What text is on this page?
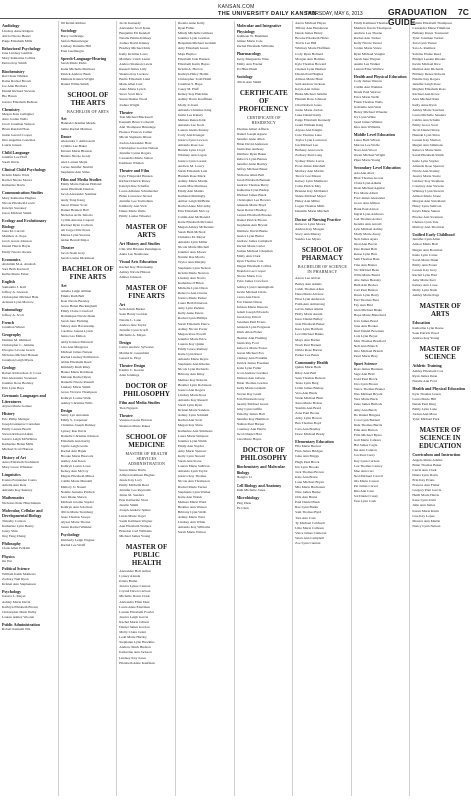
KANSAN.COM
THE UNIVERSITY DAILY KANSAN
THURSDAY, MAY 6, 2013	GRADUATION GUIDE
7C
Audiology
Lindsay Anne Ridgers
Alicia Nicole Hester
Paige Elizabeth Mills
Behavioral Psychology
Jane Lindsey Gamble
Mary Katharine Collins
Debra Kay Smith
Biochemistry
Ravi Kaur Dhillon
Raina Rachel Brown
Joe Alan Brothers
Daniel Richard Stevens
Bio Hasan
Jessica Elizabeth Belleau
Chemistry
Megan Kate Gallagher
Alex Jordan Wells
Jacob Jonathan Watson
Brian Randall Hoss
Justin Gerard Cooper
Ilira Angelina Gonzales
Laurie Jensen
Child Language
Jennifer Lee Hoff
Sarah Davis
Clinical Child Psychology
Kristin Marie Wick
Rachel Nicole Moore
Katherine Davis
Communication Studies
Mary Katherine Hughes
Nicole Elizabeth Lewis
Katelyn Sweaney
Jason Michael Smith
Ecology and Evolutionary Biology
Gina M. Carroll
Matthew A. Pope
Jacob Aaron Johnson
Daniel Harris Boyle
Emily Nicole Owens
Economics
Abdullah M.A. Alsabah
Sara Beth Kartwell
Kellie Marie Faber
English
Samantha J. Kail
Jeffrey A. Gleason
Christopher Michael Hale
Arianna Lynn Morrow
Entomology
Jeffrey A. Scott
French
Jonathan Winter
Geography
Damien M. Olmsted
Christopher C. Jenkins
Dwayne Lavone Green
Nicholas Michael Hansen
Jonathan Leigh Myers
Geology
Robert Richardson Jr. Cross
Dan Alexander Sorensen
Jennifer Rose Beckley
Erin Lynn Bays
Germanic Languages and Literatures
Alyssa Marie Gomez
History
Eric Philip Metzger
Joseph Gutierrez Carnahan
Emily Lauren Bosch
Steven Richard Aubin
Jessica Leigh McWhirter
Katherine Helen Mills
Michael Scott Hanson
History of Art
Anna Elizabeth Stadtlandt
Mary Grace Whitaker
Linguistics
Ivanna Fernandez Castro
Amelia Ann Reis
Amanda Kay Kenney
Mathematics
Nicholas Peter Hirschmann
Molecular, Cellular and Developmental Biology
Timothy Carlson
Katherine Lynn Beatty
Jenny Shin
Jing Yang Zhang
Philosophy
Clark Allen Fellrath
Physics
Jin Wu
Political Science
William Keith Mathews
Zachary Neil Ryan
Kristen Ann Stephenson
Psychology
Jessica L. Meyer
Ashley Marie Davis
Kathryn Elizabeth Brown
Christopher Mark Dalby
Lauren Ashley Wooten
Public Administration
Robert Kenneth Nix
Jill Keitel-Richter
Sociology
Barry Guthridge
Stefan Henneberger
Lindsay Danielle Hill
Eren Gezimoglu
Speech-Language-Hearing
Sarah Marie Parks
Katie Michelle Martinez
Patrick Andrew Bean
Melinda Kristen Wright
Daniel Willie Smith
SCHOOL OF THE ARTS
BACHELOR OF ARTS
Art
Hannah Christine Meade
Jamie Rachel Marinos
Dance
Alexandra J. Ambrosetti
Cynthia Lee Baker
Kirsten Marie Blanton
Brenna Nicole Grady
Alex Lauren Mejia
Cerise Jennifer Nesbitt
Stephanie Ann Stiles
Film and Media Studies
Emily Maria Nelson Holland
Anna Elizabeth Denton
Jacob Alexander Sommer
Andy Tong Kang
Stuart Winter Scott
Daniel Bennett Hall
Nicholas Avila Tenorio
Cyrille Antoine Caspari
Rachael Ryan Cochran
Ali Jorge Ortiz Perez
Marisa Lynn Stevens
Aidan Berndt Major
Theatre
Jacob Noah Gray
Sarah Louise Dickinson
BACHELOR OF FINE ARTS
Art
Amelia Leigh Altman
Emma Ruth Bell
Kate Nicole Beasley
Grace Helen Buckingham
Emily Claire Crawford
Dominique Nicole Dunn
Sarah Jane Fleming
Sidney Ann Haverkamp
Caroline Joanna Lynch
Jenna Lea Mahon
Abby Kristen Maxwell
Lisa Ann Musgrave
Michael James Nelson
Rachel Lindsey Pemberton
Abbie Elizabeth Reed
Kimberly Ruth Riley
Hanna Marie Robinson
Melanie Rachel Ryan
Danielle Nicole Russell
Lindsey Marie Smith
Grace Victoria Thompson
Kathryn Louise Walk
Ashley Christine Wills
Design
Jenny Lyn Antoniak
Emily S. Carpenter
Christina Joseph Dabney
Lynsey Rae Davis
Danielle Christine Johnson
Elizabeth Ann Kerby
Jayme Leigh Grabs
Rachel Ann Hajek
Brooke Marie Heacock
Ashley Ann Keen
Kathryn Leann Lowe
Kelsey Ann McCoy
Megan Elizabeth Mikos
Caitlin Marie Mundell
Mallory Jo Nauert
Natalie Jeanette Prichett
Sara Diane Shawn
Michael Jerome Snyder
Kathryn Ann Solomon
Olivia Marie Sternberg
Jesse Thomas Stoops
Alyssa Marie Thorne
Susan Rachel Winkler
Psychology
Kimberly Leigh Wagner
Rachel Lee Wolff
Jacob Kennedy
Alexander Scott Kane
Benjamin Eli Kendall
Natalie Emma Kimsey
Joshua David Kinney
Bradley Michael Kirk
Kelly Kristine Laws
Matthew Caleb Lester
Andrea Shannon Lewis
Russell James Lilly
Shauna Kay Luckow
Bertie Elizabeth Lund
Mark Allen Lutz
Anne Marie Lynch
Steve Scott Rice
Susan Denise Wood
Joshua Wright
Theatre
Tate Michael Blackwell
Kenneth Brian Cockerill
Ann Thompson Brundage
Eleanor Frances Cullen
Micah Stephens Dixon
Jordan Alexander Hotz
Christopher Gordon Nelson
Jennifer Lynne Rogers
Cassandra Marie Sutton
Kathleen Whalen
Theatre and Film
Kyle Fitzgerald Hansen
Richard Derick Pettey
Katelyn Rae Schaffer
Laura Amanda Schumacher
Brian Lawrence Stroud
Jennifer Lee Tormohlen
Kimberly Ann Vick
Diane Marie Wells
Emily Louise Wheeler
MASTER OF ARTS
Art History and Studies
Chit-Wai Brianna Pennington
Anna Lee Neathouse
Visual Arts Education
Rachel Kay Haverkamp
Ashley Nicole Hixson
Amber Johnson
MASTER OF FINE ARTS
Art
Seth Adam Barker
Sean Henry Gordon
Natalie L. Lane
Andrea Jane Taylor
Jennifer Lynn Scarff
Michelle A. Mayer
Design
Carter Andrew Sylvester
Martha R. Greenblatt
Gerard G. Hoyt
Theatre Design
Kaitlin C. Kearns
Alan Jennings
DOCTOR OF PHILOSOPHY
Film and Media Studies
Tien Nguyen
Theatre
Vanessa Luane Holston
Shannon Marie Rakes
SCHOOL OF MEDICINE
MASTER OF HEALTH SERVICES ADMINISTRATION
Susan Marie Davis
Allison Kathleen Hughes
Jessie Kay Lacy
Emily Michelle Reid
Jennifer Lee Reynolds
Jenna M. Sanders
Erin Katherine Sloat
Janelle Smith
Joseph Andrew Spiker
Linda Marie Vogel
Sarah Kathleen Wagner
Ann Elizabeth Wallace
Brandon Carl Williams
Michael James Young
MASTER OF PUBLIC HEALTH
Alexander Holt Arthur
Lynsey Alanda
Krista Butler
Jessica Lynne Cannon
Crystal Dawn Carlson
Michelle Dawn Clark
Alexandra Ellen Diaz
Laura Anne Eiserman
Lauren Elizabeth Fowler
Jessica Leigh Garcia
Rachel Marie Gibson
Daniel James Gordon
Molly Claire Grant
Leah Marie Hartley
Stephanie Lynn Hawkins
Andrew Mark Hudson
Katherine Ann Jackson
Lindsey Kay Jones
Elizabeth Anne Kaufman
Ifeoma Anne Kelly
Ryan Fuller
Mindy Michelle Gilmore
Jennifer Lynn Gorman
Benjamin Michael Graham
Amy Elizabeth Green
Maja Hajiloo
Elizabeth Jade Hansen
Elizabeth Karin Hayes
Kristin A. Herron
Kathryn Haley Hollin
Christopher Todd Holm
Jonathan S. Hope
Casey M. Huff
Kelsey Kay Hutchins
Ashley Dawn Kauffman
Molly Jo Kern
Amanda Christine King
Justin Lee Kinsey
Melissa Renee Kirk
Amanda Lee Koch
Lauren Alexis Krasny
Carly Ann Krueger
Jessica Lynn Lawson
Amanda Rose Lee
Brenda Lynn Lloyd
Whitney Ann Logan
Jessica Lynn Lorenz
Andrew M. Lowry
Sarah Elizabeth Lutz
Hannah Rose Mack
Ashley Marie Martin
Leslie Mae Martinez
Emily Ann Mathis
Kathleen Mattingly
Amber Leigh McBride
Rachel Anne McCarthy
Erin Elizabeth McCoy
Caitlin Ann McDonald
Katie Elizabeth McGuire
Megan Ashley McKenzie
Sarah Beth McNeal
Christina M. Meyer
Amanda Lynn Miller
Nicole Marie Mitchell
Jennifer Ann Moore
Natalie Rae Morris
Taylor Ann Murphy
Stephanie Lynn Nelson
Kristin Marie Newton
Lindsay Ann Norris
Katherine O'Brien
Michelle Lynn Olson
Rebecca Ann Owens
Jessica Marie Parker
Laura Beth Patterson
Amy Lynn Perkins
Kelly Anne Peters
Rachel Lynn Phillips
Sarah Elizabeth Pierce
Ashley Nicole Porter
Megan Rose Powell
Jennifer Marie Price
Lauren Kay Quinn
Emily Grace Ramsey
Katie Lynn Reed
Amanda Marie Reyes
Stephanie Ann Rhodes
Nicole Lynn Richards
Brittany Ann Riley
Melissa Kay Roberts
Heather Lynn Robinson
Jessica Ann Rogers
Lindsey Marie Ross
Amanda Kay Russell
Sarah Lynn Ryan
Kristen Marie Sanders
Ashley Lynn Schmidt
Rachel Ann Scott
Megan Kay Shaw
Katherine Ann Simmons
Laura Marie Simpson
Jennifer Lynn Smith
Emily Ann Snyder
Amy Marie Spencer
Kelly Lynn Stewart
Sarah Ann Stone
Lauren Marie Sullivan
Amanda Lynn Taylor
Jessica Kay Thomas
Nicole Ann Thompson
Rachel Marie Turner
Stephanie Lynn Walker
Katie Ann Walsh
Melissa Marie Ward
Heather Ann Watson
Brittany Lynn Webb
Ashley Marie West
Lindsey Ann White
Amanda Kay Williams
Sarah Marie Wilson
Molecular and Integrative Physiology
Kathleen W. Bushman
Aimee Marie Cole
Rachel Elizabeth Williams
Pharmacology
Kerry Marguerite Wise
Emily Ann Frazier
Tri Hieu Pham
Sociology
Olivia Ann Smith
CERTIFICATE OF PROFICIENCY
CERTIFICATE OF RESIDENCY
Thomas Albert Affleck
Daniel Joseph Agnew
Jennifer Anne Allen
Brian David Anderson
Justin Rae Anthony
Matthew Ryan Baker
Rebecca Lynn Barnes
Jennifer Anne Bartley
Jeffrey Michael Bauer
Nicholas Allen Bell
Sarah Elizabeth Bennett
Andrew Thomas Berry
Katherine Lynn Bishop
Michael James Black
Christopher Lee Bowers
Amanda Marie Boyd
Jason Robert Bradley
Lauren Elizabeth Brooks
Daniel Patrick Brown
Stephanie Ann Bryant
Matthew David Burke
Jessica Lynn Butler
Andrew James Campbell
Rachel Marie Carter
Joshua Michael Chapman
Emily Ann Clark
Ryan Thomas Cole
Megan Elizabeth Collins
Brandon Lee Cooper
Nicole Marie Cox
Tyler James Crawford
Ashley Lynn Cunningham
Kevin Michael Davis
Laura Ann Dean
Eric Daniel Dixon
Kristen Marie Duncan
Adam Joseph Edwards
Sarah Kay Elliott
Jonathan Paul Evans
Amanda Lynn Ferguson
Mark Allen Fisher
Heather Ann Fleming
Justin Ray Ford
Rebecca Marie Foster
Aaron Michael Fox
Lindsey Ann Franklin
Patrick James Freeman
Katie Lynn Fuller
Scott Andrew Gardner
Melissa Ann Gibson
Brian Thomas Gordon
Kelly Marie Graham
Steven Ray Grant
Erin Elizabeth Gray
Jeremy Michael Green
Amy Lynn Griffin
Timothy James Hall
Jennifer Kay Hamilton
Nathan Paul Harper
Courtney Ann Harris
Jacob Daniel Hart
Lisa Marie Hayes
DOCTOR OF PHILOSOPHY
Biochemistry and Molecular Biology
Hongbo Li
Cell Biology and Anatomy
Ruth Michelle Jones
Microbiology
Ping Zhou
Yu Chen
Aaron Michael Hayes
Tiffany Ann Henderson
Derek James Henry
Brooke Elizabeth Hicks
Travis Lee Hill
Whitney Marie Hoffman
Cody Ryan Holland
Morgan Ann Holmes
Kyle Thomas Howard
Chelsea Lynn Hudson
Dustin Paul Hughes
Allison Marie Hunt
Seth Andrew Jackson
Kayla Ann James
Blake Michael Jenkins
Hannah Rose Johnson
Chad Robert Jones
Jenna Marie Jordan
Luke Daniel Kelly
Paige Elizabeth Kennedy
Grant William King
Alyssa Ann Knight
Cole Thomas Lane
Taylor Lynn Lawrence
Ian Michael Lee
Bethany Ann Lewis
Zachary Paul Long
Sydney Marie Lucas
Evan James Marshall
Mallory Ann Martin
Trevor Lee Mason
Kelsey Lynn Matthews
Colin Patrick May
Brianna Kay McDaniel
Shane Michael Meyer
Haley Ann Miller
Logan Thomas Mills
Danielle Marie Mitchell
Doctor of Nursing Practice
Rebecca Lynn Moore
Andrea Kay Morgan
Stacy Ann Murray
Sandra Lee Myers
SCHOOL OF PHARMACY
BACHELOR OF SCIENCE IN PHARMACY
Aaron Lee Abbott
Bailey Ann Adams
Caleb Thomas Allen
Dana Marie Alvarez
Elise Lynn Anderson
Faith Ann Armstrong
Gavin James Atkins
Holly Marie Austin
Isaac Daniel Bailey
Jade Elizabeth Baker
Kara Lynn Baldwin
Levi Michael Banks
Maya Ann Barber
Noah Paul Barnett
Olivia Rose Barton
Parker Lee Bates
Community Health
Quinn Marie Beck
Riley Ann Bell
Sean Thomas Benson
Tessa Lynn Berg
Uriah James Bishop
Vera Ann Black
Wade Michael Blair
Xena Marie Bolton
Yasmin Ann Bond
Zane Paul Boone
Abby Lynn Bowen
Ben Thomas Boyd
Cara Ann Bradley
Drew Michael Brady
Elementary Education
Ella Marie Brewer
Finn James Bridges
Gina Ann Briggs
Hugh Paul Brock
Iris Lynn Brooks
Jack Thomas Brown
Kate Ann Bruce
Lane Michael Bryan
Mia Marie Buchanan
Nate James Burke
Orla Ann Burns
Paul Daniel Bush
Rae Lynn Butler
Sam Thomas Byrd
Tara Ann Cain
Ty Michael Caldwell
Uma Marie Calhoun
Vince James Cameron
Wren Ann Campbell
Zoe Lynn Cannon
Emily Kathleen Thomas
Matthew Kevin Thompson
Andrew Lee Thorne
Rachel Ann Tucker
Kelly Nicole Turner
Jordan Marie Vance
Ryan Michael Vaughn
Sarah Jane Wagner
Austin Lee Walker
Lauren Elise Wallace
Health and Physical Education
Cody James Warren
Caitlin Ann Watkins
Derek Paul Weaver
Erica Marie Webb
Frank Thomas Wells
Gabrielle Ann West
Henry Michael Wheeler
Ivy Lynn White
Jared James Wilkins
Kira Ann Williams
Middle Level Education
Laura Beth Wilson
Marcus Lee Wolfe
Nora Ann Wood
Owen Michael Wright
Piper Marie Young
Secondary Level Education
Ada Ann Abel
Blair Thomas Acosta
Claire Lynn Adkins
Dean Michael Aguilar
Eve Marie Albert
Ford James Alexander
Grace Ann Allison
Hank Paul Alston
Ingrid Lynn Andrews
Joel Thomas Archer
Kendra Ann Arnold
Lyle Michael Ashley
Molly Marie Avery
Neil James Ayers
Opal Ann Bacon
Pete Daniel Ball
Reese Lynn Barr
Seth Thomas Bass
Tina Ann Baxter
Vic Michael Bean
Willa Marie Beard
Abe James Beasley
Beth Ann Becker
Carl Paul Benton
Dawn Lynn Berry
Earl Thomas Best
Fay Ann Bird
Glen Michael Blake
Hope Marie Blanchard
Ivan James Bond
June Ann Booker
Kurt Daniel Bowman
Lola Lynn Boyer
Max Thomas Bradford
Nell Ann Branch
Otto Michael Brandt
Pearl Marie Bray
Sport Science
Ross James Brennan
Sage Ann Britt
Todd Paul Brock
Una Lynn Brown
Vance Thomas Bruner
Wes Michael Bryant
Yara Marie Buck
Zeke James Bullock
Amy Ann Burch
Bo Daniel Burgess
Cora Lynn Burnett
Dale Thomas Burris
Edie Ann Burton
Fritz Michael Byers
Gail Marie Cabrera
Hal James Cagle
Ina Ann Cannon
Jon Paul Carey
Kay Lynn Carlson
Lou Thomas Carney
Mae Ann Carr
Ned Michael Carroll
Ola Marie Carson
Pat James Carver
Rita Ann Case
Sol Daniel Casey
Tess Lynn Cash
Kristin Elizabeth Thompson
Cassandra Marie Timmons
Bethany Dawn Townsend
Tyler Jonathan Tucker
Tara Lynn Turner
Sara A. Ramirez
Sabrina Elaine Reed
Bridget Leeann Rhodes
Kevin Michael Rice
Melissa Ann Richards
Brittany Renee Roberts
Natalie Kay Rogers
Jennifer Leigh Rose
Meghan Elizabeth Ross
Rachael Ann Rowe
Alex Michael Ruiz
Kelly Anne Ryan
Ashley Marie Sanchez
Laura Michelle Sanders
Caitlin Ann Schultz
Emily Grace Scott
Jacob Daniel Sharp
Hannah Lynn Shaw
Lauren Kay Shelton
Megan Ann Simmons
Rebecca Marie Sims
Sarah Elizabeth Smith
Katie Lynn Snyder
Amanda Rose Spencer
Nicole Ann Stanley
Jessica Marie Steele
Lindsey Kay Stephens
Courtney Ann Stevens
Whitney Lynn Stewart
Allison Marie Stone
Morgan Ann Strickland
Haley Lynn Sullivan
Kayla Marie Sutton
Brooke Ann Swanson
Chelsea Lynn Tate
Mallory Ann Thornton
Unified Early Childhood
Jennifer Lynn Allen
Alison Marie Ball
Megan Ann Bowman
Katie Lynn Carter
Sarah Marie Dunn
Emily Ann Foster
Lauren Kay Gray
Rachel Lynn Hart
Amy Marie Kerr
Kelsey Ann Lowe
Molly Lynn Nash
Ashley Marie Page
MASTER OF ARTS
Education
Katharine Lynn Reese
Sean Patrick Wood
Andrea Kay Young
MASTER OF SCIENCE
Athletic Training
Ashley Elizabeth Cox
Ryan James Dean
Natalie Ann Ford
Health and Physical Education
Kyle Thomas Green
Laura Marie Hill
Derek Paul King
Emily Lynn Lane
Jordan Ann Moss
Tyler Michael Park
MASTER OF SCIENCE IN EDUCATION
Curriculum and Instruction
Angela Marie Adams
Brian Thomas Baker
Carrie Ann Clark
Diana Lynn Davis
Erin Kay Evans
Frances Ann Fisher
Gregory Paul Garcia
Heidi Marie Harris
Irene Lynn Irwin
Julie Ann James
Karen Marie Klein
Lisa Kay Lopez
Monica Ann Martin
Nancy Lynn Nelson
